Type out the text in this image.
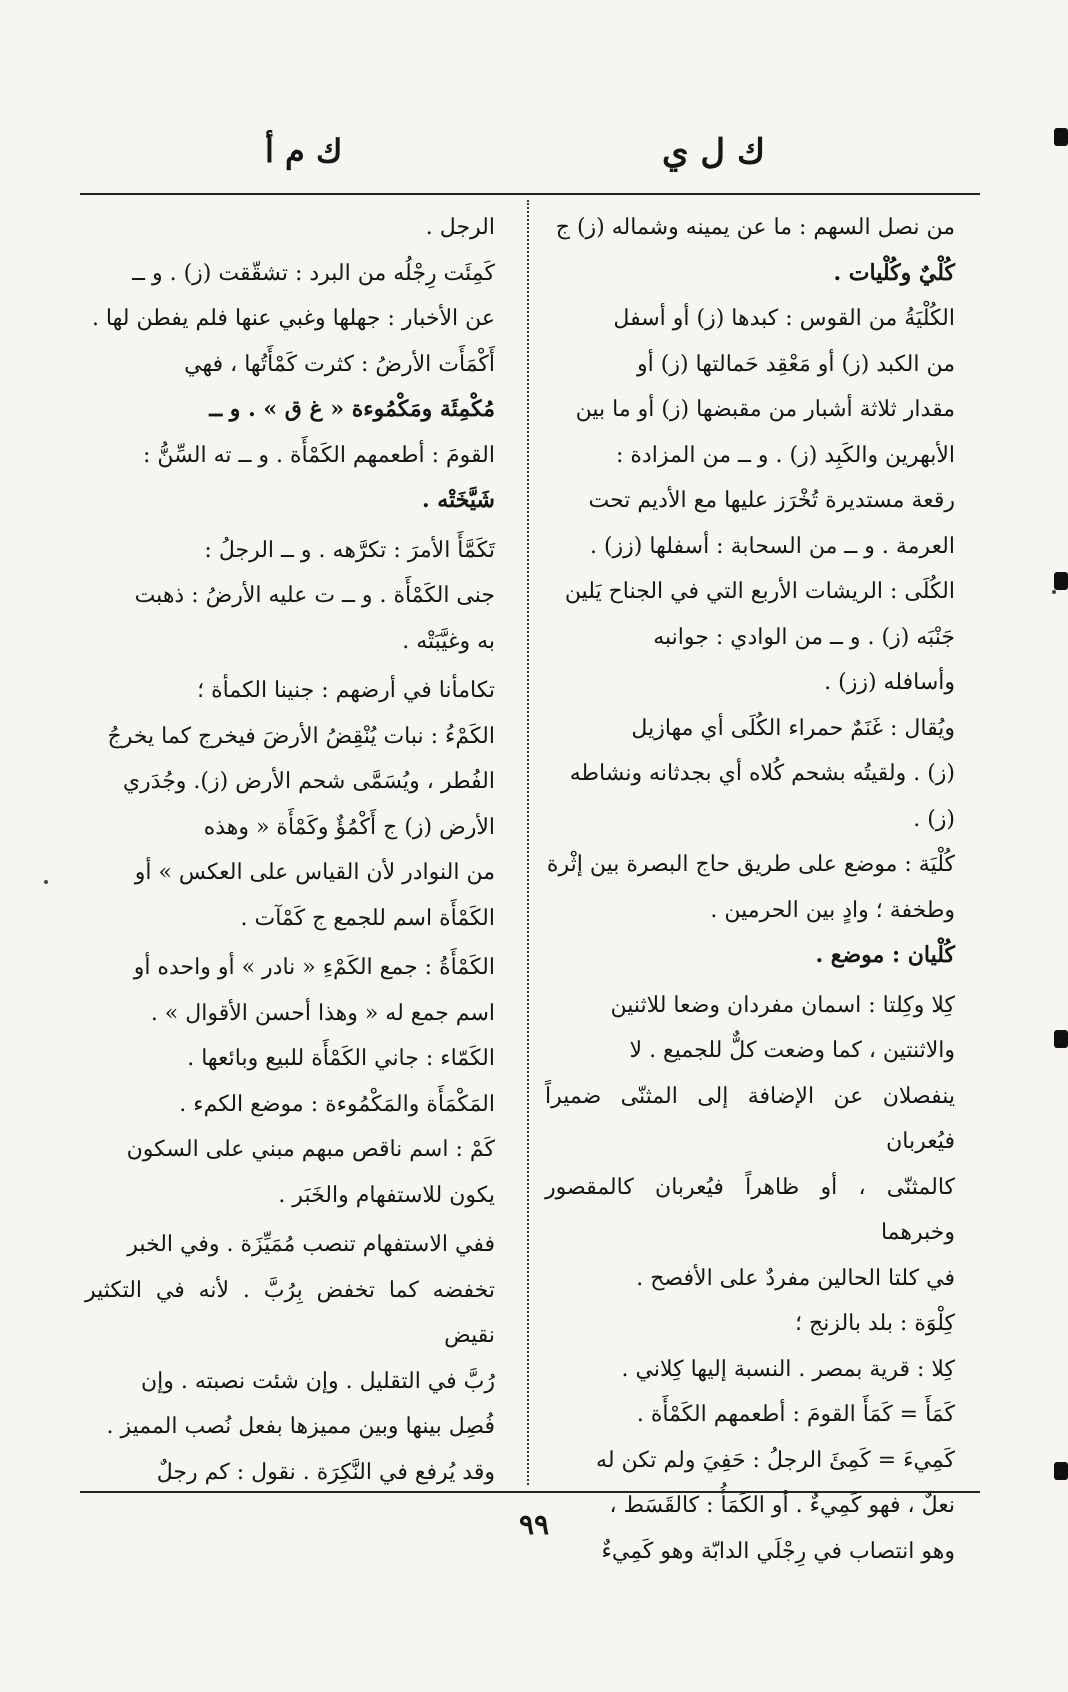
ك ل ي
ك م أ

من نصل السهم : ما عن يمينه وشماله (ز) ج

كُلْيٌ وكُلْيات .

الكُلْيَةُ من القوس : كبدها (ز) أو أسفل

من الكبد (ز) أو مَعْقِد حَمالتها (ز) أو

مقدار ثلاثة أشبار من مقبضها (ز) أو ما بين

الأبهرين والكَبِد (ز) . و ــ من المزادة :

رقعة مستديرة تُخْرَز عليها مع الأديم تحت

العرمة . و ــ من السحابة : أسفلها (زز) .

الكُلَى : الريشات الأربع التي في الجناح يَلين

جَنْبَه (ز) . و ــ من الوادي : جوانبه

وأسافله (زز) .

ويُقال : غَنَمٌ حمراء الكُلَى أي مهازيل

(ز) . ولقيتُه بشحم كُلاه أي بجدثانه ونشاطه

(ز) .

كُلْيَة : موضع على طريق حاج البصرة بين إثْرة

وطخفة ؛ وادٍ بين الحرمين .

كُلْيان : موضع .

كِلا وكِلتا : اسمان مفردان وضعا للاثنين

والاثنتين ، كما وضعت كلٌّ للجميع . لا

ينفصلان عن الإضافة إلى المثنّى ضميراً فيُعربان

كالمثنّى ، أو ظاهراً فيُعربان كالمقصور وخبرهما

في كلتا الحالين مفردٌ على الأفصح .

كِلْوَة : بلد بالزنج ؛

كِلا : قرية بمصر . النسبة إليها كِلاني .

كَمَأَ = كَمَأَ القومَ : أطعمهم الكَمْأَة .

كَمِيءَ = كَمِئَ الرجلُ : حَفِيَ ولم تكن له

نعلٌ ، فهو كَمِيءٌ . أو الكَمَأُ : كالقَسَط ،

وهو انتصاب في رِجْلَي الدابّة وهو كَمِيءٌ

الرجل .

كَمِئَت رِجْلُه من البرد : تشقّقت (ز) . و ــ

عن الأخبار : جهلها وغبي عنها فلم يفطن لها .

أَكْمَأَت الأرضُ : كثرت كَمْأَتُها ، فهي

مُكْمِئَة ومَكْمُوءة « غ ق » . و ــ

القومَ : أطعمهم الكَمْأَة . و ــ ته السِّنُّ :

شَيَّخَتْه .

تَكَمَّأَ الأمرَ : تكرَّهه . و ــ الرجلُ :

جنى الكَمْأَة . و ــ ت عليه الأرضُ : ذهبت

به وغيَّبَتْه .

تكامأنا في أرضهم : جنينا الكمأة ؛

الكَمْءُ : نبات يُنْقِضُ الأرضَ فيخرج كما يخرجُ

الفُطر ، ويُسَمَّى شحم الأرض (ز). وجُدَري

الأرض (ز) ج أَكْمُؤٌ وكَمْأَة « وهذه

من النوادر لأن القياس على العكس » أو

الكَمْأَة اسم للجمع ج كَمْآت .

الكَمْأَةُ : جمع الكَمْءِ « نادر » أو واحده أو

اسم جمع له « وهذا أحسن الأقوال » .

الكَمّاء : جاني الكَمْأَة للبيع وبائعها .

المَكْمَأَة والمَكْمُوءة : موضع الكمء .

كَمْ : اسم ناقص مبهم مبني على السكون

يكون للاستفهام والخَبَر .

ففي الاستفهام تنصب مُمَيِّزَة . وفي الخبر

تخفضه كما تخفض بِرُبَّ . لأنه في التكثير نقيض

رُبَّ في التقليل . وإن شئت نصبته . وإن

فُصِل بينها وبين مميزها بفعل نُصب المميز .

وقد يُرفع في النَّكِرَة . نقول : كم رجلٌ

٩٩
